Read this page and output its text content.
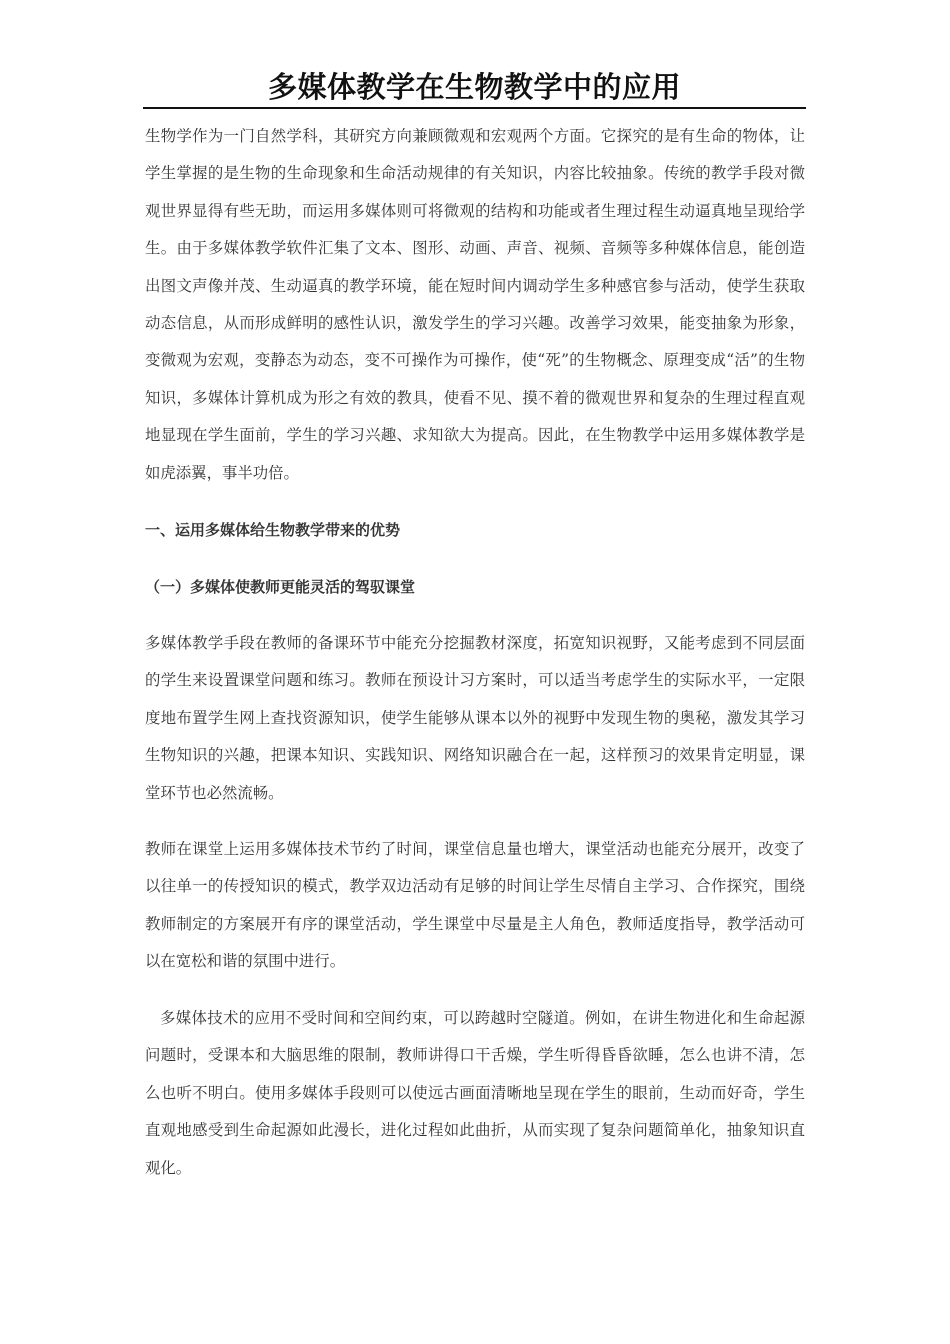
多媒体教学在生物教学中的应用

生物学作为一门自然学科，其研究方向兼顾微观和宏观两个方面。它探究的是有生命的物体，让学生掌握的是生物的生命现象和生命活动规律的有关知识，内容比较抽象。传统的教学手段对微观世界显得有些无助，而运用多媒体则可将微观的结构和功能或者生理过程生动逼真地呈现给学生。由于多媒体教学软件汇集了文本、图形、动画、声音、视频、音频等多种媒体信息，能创造出图文声像并茂、生动逼真的教学环境，能在短时间内调动学生多种感官参与活动，使学生获取动态信息，从而形成鲜明的感性认识，激发学生的学习兴趣。改善学习效果，能变抽象为形象，变微观为宏观，变静态为动态，变不可操作为可操作，使“死”的生物概念、原理变成“活”的生物知识，多媒体计算机成为形之有效的教具，使看不见、摸不着的微观世界和复杂的生理过程直观地显现在学生面前，学生的学习兴趣、求知欲大为提高。因此，在生物教学中运用多媒体教学是如虎添翼，事半功倍。

一、运用多媒体给生物教学带来的优势

（一）多媒体使教师更能灵活的驾驭课堂

多媒体教学手段在教师的备课环节中能充分挖掘教材深度，拓宽知识视野，又能考虑到不同层面的学生来设置课堂问题和练习。教师在预设计习方案时，可以适当考虑学生的实际水平，一定限度地布置学生网上查找资源知识，使学生能够从课本以外的视野中发现生物的奥秘，激发其学习生物知识的兴趣，把课本知识、实践知识、网络知识融合在一起，这样预习的效果肯定明显，课堂环节也必然流畅。

教师在课堂上运用多媒体技术节约了时间，课堂信息量也增大，课堂活动也能充分展开，改变了以往单一的传授知识的模式，教学双边活动有足够的时间让学生尽情自主学习、合作探究，围绕教师制定的方案展开有序的课堂活动，学生课堂中尽量是主人角色，教师适度指导，教学活动可以在宽松和谐的氛围中进行。

多媒体技术的应用不受时间和空间约束，可以跨越时空隧道。例如，在讲生物进化和生命起源问题时，受课本和大脑思维的限制，教师讲得口干舌燥，学生听得昏昏欲睡，怎么也讲不清，怎么也听不明白。使用多媒体手段则可以使远古画面清晰地呈现在学生的眼前，生动而好奇，学生直观地感受到生命起源如此漫长，进化过程如此曲折，从而实现了复杂问题简单化，抽象知识直观化。
